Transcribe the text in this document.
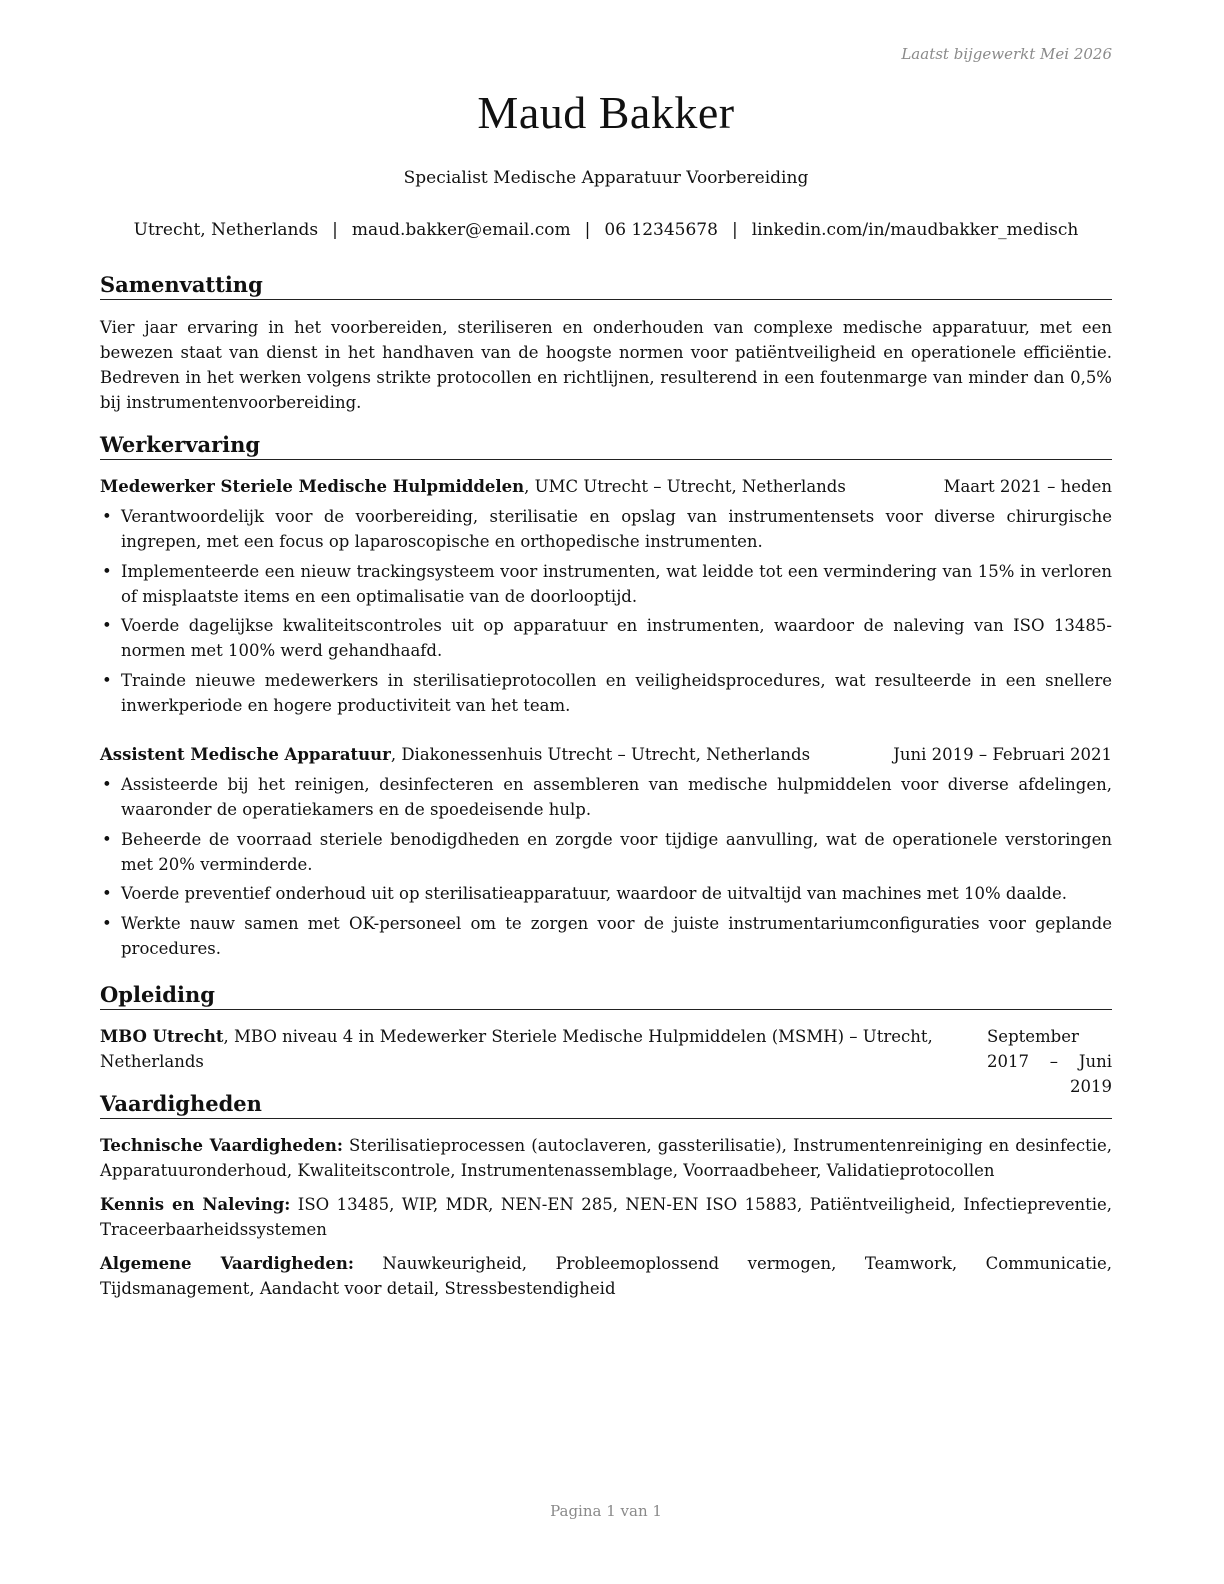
Laatst bijgewerkt Mei 2026
Maud Bakker
Specialist Medische Apparatuur Voorbereiding
Utrecht, Netherlands | maud.bakker@email.com | 06 12345678 | linkedin.com/in/maudbakker_medisch
Samenvatting
Vier jaar ervaring in het voorbereiden, steriliseren en onderhouden van complexe medische apparatuur, met een bewezen staat van dienst in het handhaven van de hoogste normen voor patiëntveiligheid en operationele efficiëntie. Bedreven in het werken volgens strikte protocollen en richtlijnen, resulterend in een foutenmarge van minder dan 0,5% bij instrumentenvoorbereiding.
Werkervaring
Medewerker Steriele Medische Hulpmiddelen, UMC Utrecht – Utrecht, Netherlands	Maart 2021 – heden
• Verantwoordelijk voor de voorbereiding, sterilisatie en opslag van instrumentensets voor diverse chirurgische ingrepen, met een focus op laparoscopische en orthopedische instrumenten.
• Implementeerde een nieuw trackingsysteem voor instrumenten, wat leidde tot een vermindering van 15% in verloren of misplaatste items en een optimalisatie van de doorlooptijd.
• Voerde dagelijkse kwaliteitscontroles uit op apparatuur en instrumenten, waardoor de naleving van ISO 13485-normen met 100% werd gehandhaafd.
• Trainde nieuwe medewerkers in sterilisatieprotocollen en veiligheidsprocedures, wat resulteerde in een snellere inwerkperiode en hogere productiviteit van het team.
Assistent Medische Apparatuur, Diakonessenhuis Utrecht – Utrecht, Netherlands	Juni 2019 – Februari 2021
• Assisteerde bij het reinigen, desinfecteren en assembleren van medische hulpmiddelen voor diverse afdelingen, waaronder de operatiekamers en de spoedeisende hulp.
• Beheerde de voorraad steriele benodigdheden en zorgde voor tijdige aanvulling, wat de operationele verstoringen met 20% verminderde.
• Voerde preventief onderhoud uit op sterilisatieapparatuur, waardoor de uitvaltijd van machines met 10% daalde.
• Werkte nauw samen met OK-personeel om te zorgen voor de juiste instrumentariumconfiguraties voor geplande procedures.
Opleiding
MBO Utrecht, MBO niveau 4 in Medewerker Steriele Medische Hulpmiddelen (MSMH) – Utrecht, Netherlands
September 2017 – Juni 2019
Vaardigheden
Technische Vaardigheden: Sterilisatieprocessen (autoclaveren, gassterilisatie), Instrumentenreiniging en desinfectie, Apparatuuronderhoud, Kwaliteitscontrole, Instrumentenassemblage, Voorraadbeheer, Validatieprotocollen
Kennis en Naleving: ISO 13485, WIP, MDR, NEN-EN 285, NEN-EN ISO 15883, Patiëntveiligheid, Infectiepreventie, Traceerbaarheidssystemen
Algemene Vaardigheden: Nauwkeurigheid, Probleemoplossend vermogen, Teamwork, Communicatie, Tijdsmanagement, Aandacht voor detail, Stressbestendigheid
Pagina 1 van 1
